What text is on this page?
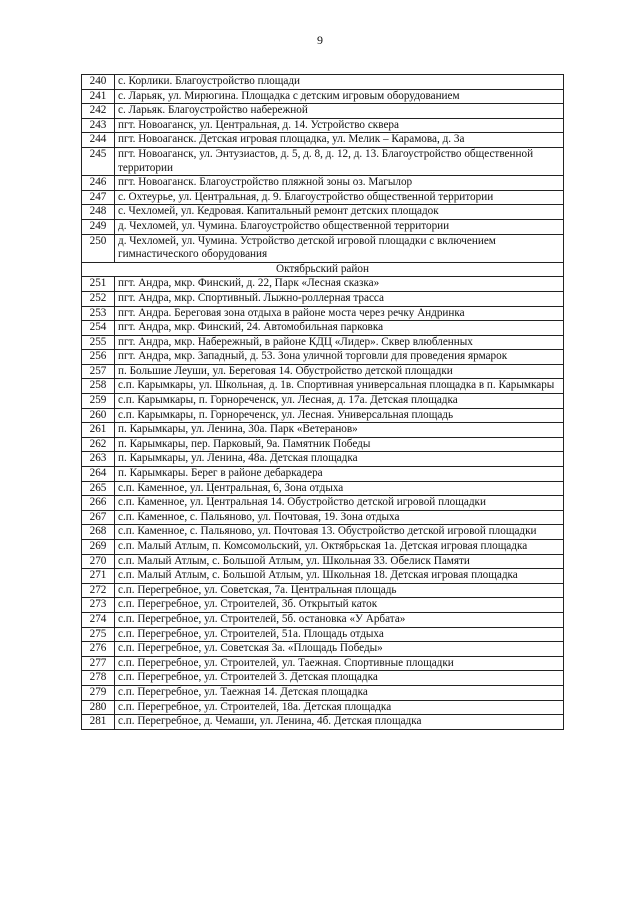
9
240	с. Корлики. Благоустройство площади
241	с. Ларьяк, ул. Мирюгина. Площадка с детским игровым оборудованием
242	с. Ларьяк. Благоустройство набережной
243	пгт. Новоаганск, ул. Центральная, д. 14. Устройство сквера
244	пгт. Новоаганск. Детская игровая площадка, ул. Мелик – Карамова, д. 3а
245	пгт. Новоаганск, ул. Энтузиастов, д. 5, д. 8, д. 12, д. 13. Благоустройство общественной территории
246	пгт. Новоаганск. Благоустройство пляжной зоны оз. Магылор
247	с. Охтеурье, ул. Центральная, д. 9. Благоустройство общественной территории
248	с. Чехломей, ул. Кедровая. Капитальный ремонт детских площадок
249	д. Чехломей, ул. Чумина. Благоустройство общественной территории
250	д. Чехломей, ул. Чумина. Устройство детской игровой площадки с включением гимнастического оборудования
Октябрьский район	
251	пгт. Андра, мкр. Финский, д. 22, Парк «Лесная сказка»
252	пгт. Андра, мкр. Спортивный. Лыжно-роллерная трасса
253	пгт. Андра. Береговая зона отдыха в районе моста через речку Андринка
254	пгт. Андра, мкр. Финский, 24. Автомобильная парковка
255	пгт. Андра, мкр. Набережный, в районе КДЦ «Лидер». Сквер влюбленных
256	пгт. Андра, мкр. Западный, д. 53. Зона уличной торговли для проведения ярмарок
257	п. Большие Леуши, ул. Береговая 14. Обустройство детской площадки
258	с.п. Карымкары, ул. Школьная, д. 1в. Спортивная универсальная площадка в п. Карымкары
259	с.п. Карымкары, п. Горнореченск, ул. Лесная, д. 17а. Детская площадка
260	с.п. Карымкары, п. Горнореченск, ул. Лесная. Универсальная площадь
261	п. Карымкары, ул. Ленина, 30а. Парк «Ветеранов»
262	п. Карымкары, пер. Парковый, 9а. Памятник Победы
263	п. Карымкары, ул. Ленина, 48а. Детская площадка
264	п. Карымкары. Берег в районе дебаркадера
265	с.п. Каменное, ул. Центральная, 6, Зона отдыха
266	с.п. Каменное, ул. Центральная 14. Обустройство детской игровой площадки
267	с.п. Каменное, с. Пальяново, ул. Почтовая, 19. Зона отдыха
268	с.п. Каменное, с. Пальяново, ул. Почтовая 13. Обустройство детской игровой площадки
269	с.п. Малый Атлым, п. Комсомольский, ул. Октябрьская 1а. Детская игровая площадка
270	с.п. Малый Атлым, с. Большой Атлым, ул. Школьная 33. Обелиск Памяти
271	с.п. Малый Атлым, с. Большой Атлым, ул. Школьная 18. Детская игровая площадка
272	с.п. Перегребное, ул. Советская, 7а. Центральная площадь
273	с.п. Перегребное, ул. Строителей, 3б. Открытый каток
274	с.п. Перегребное, ул. Строителей, 5б. остановка «У Арбата»
275	с.п. Перегребное, ул. Строителей, 51а. Площадь отдыха
276	с.п. Перегребное, ул. Советская 3а. «Площадь Победы»
277	с.п. Перегребное, ул. Строителей, ул. Таежная. Спортивные площадки
278	с.п. Перегребное, ул. Строителей 3. Детская площадка
279	с.п. Перегребное, ул. Таежная 14. Детская площадка
280	с.п. Перегребное, ул. Строителей, 18а. Детская площадка
281	с.п. Перегребное, д. Чемаши, ул. Ленина, 4б. Детская площадка
